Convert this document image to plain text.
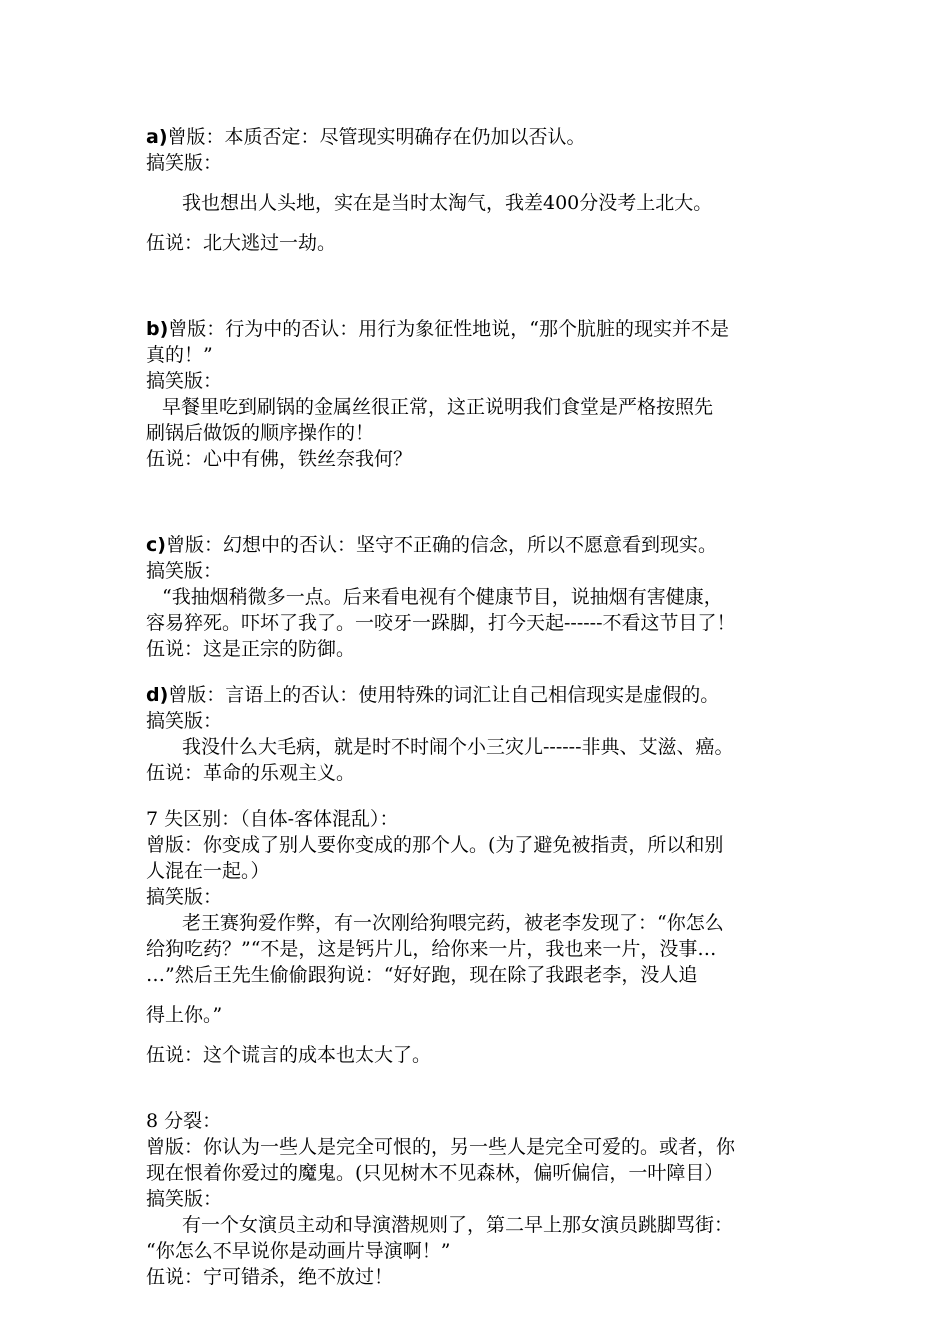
a)曾版：本质否定：尽管现实明确存在仍加以否认。
搞笑版：
我也想出人头地，实在是当时太淘气，我差400分没考上北大。
伍说：北大逃过一劫。
b)曾版：行为中的否认：用行为象征性地说，“那个肮脏的现实并不是
真的！”
搞笑版：
早餐里吃到刷锅的金属丝很正常，这正说明我们食堂是严格按照先
刷锅后做饭的顺序操作的！
伍说：心中有佛，铁丝奈我何？
c)曾版：幻想中的否认：坚守不正确的信念，所以不愿意看到现实。
搞笑版：
“我抽烟稍微多一点。后来看电视有个健康节目，说抽烟有害健康，
容易猝死。吓坏了我了。一咬牙一跺脚，打今天起------不看这节目了！
伍说：这是正宗的防御。
d)曾版：言语上的否认：使用特殊的词汇让自己相信现实是虚假的。
搞笑版：
我没什么大毛病，就是时不时闹个小三灾儿------非典、艾滋、癌。
伍说：革命的乐观主义。
7 失区别：（自体-客体混乱）：
曾版：你变成了别人要你变成的那个人。(为了避免被指责，所以和别
人混在一起。）
搞笑版：
老王赛狗爱作弊，有一次刚给狗喂完药，被老李发现了：“你怎么
给狗吃药？”“不是，这是钙片儿，给你来一片，我也来一片，没事…
…”然后王先生偷偷跟狗说：“好好跑，现在除了我跟老李，没人追
得上你。”
伍说：这个谎言的成本也太大了。
8 分裂：
曾版：你认为一些人是完全可恨的，另一些人是完全可爱的。或者，你
现在恨着你爱过的魔鬼。(只见树木不见森林，偏听偏信，一叶障目）
搞笑版：
有一个女演员主动和导演潜规则了，第二早上那女演员跳脚骂街：
“你怎么不早说你是动画片导演啊！”
伍说：宁可错杀，绝不放过！
